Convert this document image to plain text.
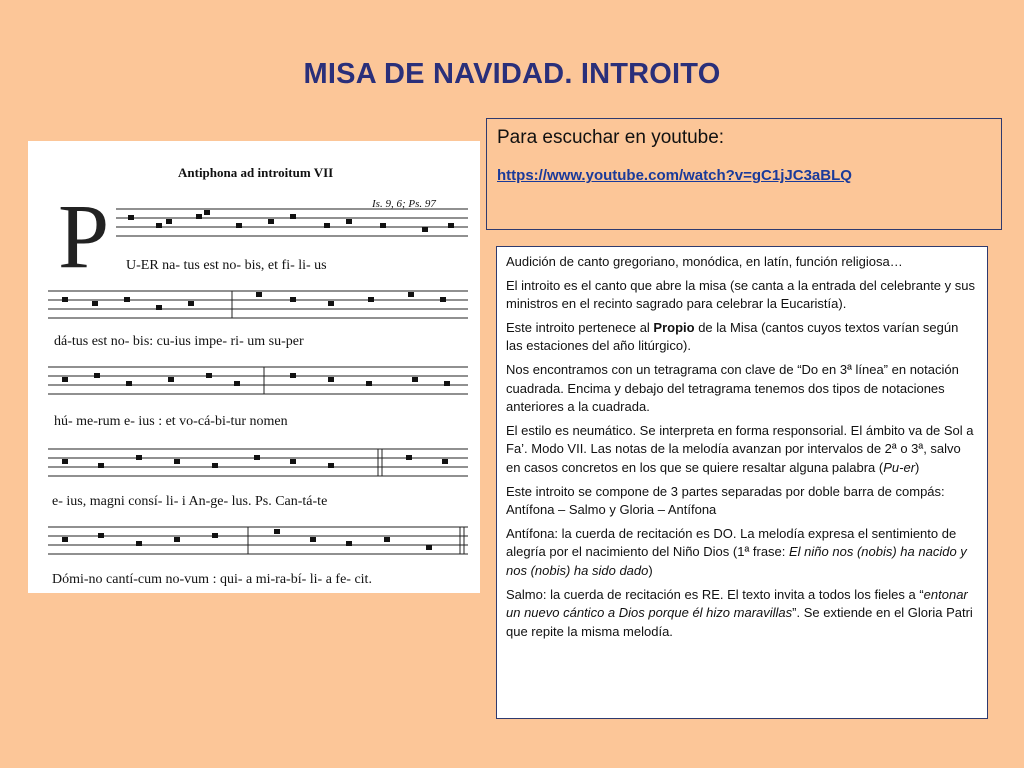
MISA DE NAVIDAD. INTROITO
Antiphona ad introitum VII
Is. 9, 6; Ps. 97
P U-ER na- tus est no- bis, et fi- li- us
dá-tus est no- bis: cu-ius impe- ri- um su-per
hú- me-rum e- ius : et vo-cá-bi-tur nomen
e- ius, magni consí- li- i An-ge- lus. Ps. Can-tá-te
Dómi-no cantí-cum no-vum : qui- a mi-ra-bí- li- a fe- cit.
Para escuchar en youtube:
https://www.youtube.com/watch?v=gC1jJC3aBLQ

Audición de canto gregoriano, monódica, en latín, función religiosa…

El introito es el canto que abre la misa (se canta a la entrada del celebrante y sus ministros en el recinto sagrado para celebrar la Eucaristía).

Este introito pertenece al Propio de la Misa (cantos cuyos textos varían según las estaciones del año litúrgico).

Nos encontramos con un tetragrama con clave de “Do en 3ª línea” en notación cuadrada. Encima y debajo del tetragrama tenemos dos tipos de notaciones anteriores a la cuadrada.

El estilo es neumático. Se interpreta en forma responsorial. El ámbito va de Sol a Fa’. Modo VII. Las notas de la melodía avanzan por intervalos de 2ª o 3ª, salvo en casos concretos en los que se quiere resaltar alguna palabra (Pu-er)

Este introito se compone de 3 partes separadas por doble barra de compás: Antífona – Salmo y Gloria – Antífona

Antífona: la cuerda de recitación es DO. La melodía expresa el sentimiento de alegría por el nacimiento del Niño Dios (1ª frase: El niño nos (nobis) ha nacido y nos (nobis) ha sido dado)

Salmo: la cuerda de recitación es RE. El texto invita a todos los fieles a “entonar un nuevo cántico a Dios porque él hizo maravillas”. Se extiende en el Gloria Patri que repite la misma melodía.
